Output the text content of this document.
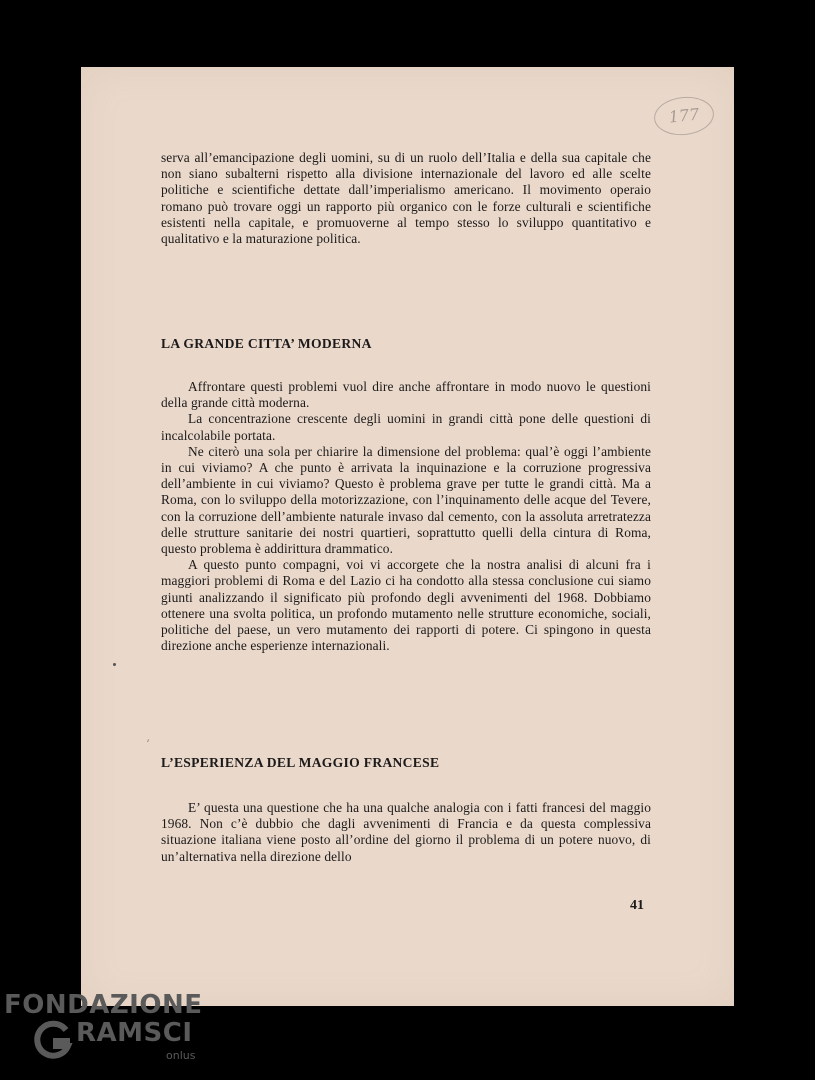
177

serva all’emancipazione degli uomini, su di un ruolo dell’Italia e della sua capitale che non siano subalterni rispetto alla divisione internazionale del lavoro ed alle scelte politiche e scientifiche dettate dall’imperialismo americano. Il movimento operaio romano può trovare oggi un rapporto più organico con le forze culturali e scientifiche esistenti nella capitale, e promuoverne al tempo stesso lo sviluppo quantitativo e qualitativo e la maturazione politica.

LA GRANDE CITTA’ MODERNA

Affrontare questi problemi vuol dire anche affrontare in modo nuovo le questioni della grande città moderna.

La concentrazione crescente degli uomini in grandi città pone delle questioni di incalcolabile portata.

Ne citerò una sola per chiarire la dimensione del problema: qual’è oggi l’ambiente in cui viviamo? A che punto è arrivata la inquinazione e la corruzione progressiva dell’ambiente in cui viviamo? Questo è problema grave per tutte le grandi città. Ma a Roma, con lo sviluppo della motorizzazione, con l’inquinamento delle acque del Tevere, con la corruzione dell’ambiente naturale invaso dal cemento, con la assoluta arretratezza delle strutture sanitarie dei nostri quartieri, soprattutto quelli della cintura di Roma, questo problema è addirittura drammatico.

A questo punto compagni, voi vi accorgete che la nostra analisi di alcuni fra i maggiori problemi di Roma e del Lazio ci ha condotto alla stessa conclusione cui siamo giunti analizzando il significato più profondo degli avvenimenti del 1968. Dobbiamo ottenere una svolta politica, un profondo mutamento nelle strutture economiche, sociali, politiche del paese, un vero mutamento dei rapporti di potere. Ci spingono in questa direzione anche esperienze internazionali.

L’ESPERIENZA DEL MAGGIO FRANCESE

E’ questa una questione che ha una qualche analogia con i fatti francesi del maggio 1968. Non c’è dubbio che dagli avvenimenti di Francia e da questa complessiva situazione italiana viene posto all’ordine del giorno il problema di un potere nuovo, di un’alternativa nella direzione dello

41
‘
FONDAZIONE
RAMSCI
onlus
